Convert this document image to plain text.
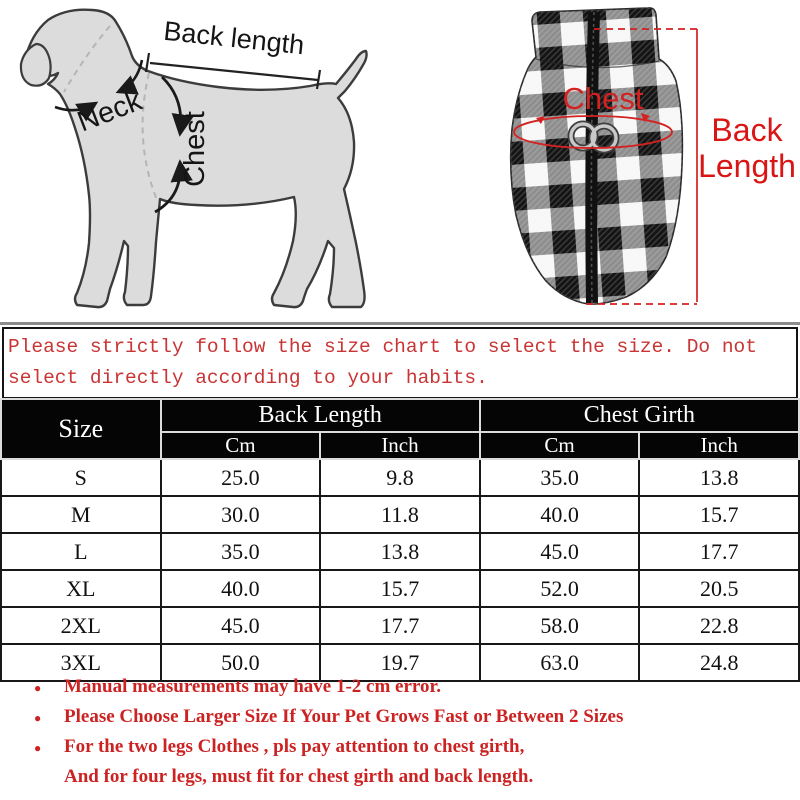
Back length
Neck Chest
Chest
Back
Length
Please strictly follow the size chart to select the size. Do not
select directly according to your habits.
Size	Back Length		Chest Girth	
	Cm	Inch	Cm	Inch
S	25.0	9.8	35.0	13.8
M	30.0	11.8	40.0	15.7
L	35.0	13.8	45.0	17.7
XL	40.0	15.7	52.0	20.5
2XL	45.0	17.7	58.0	22.8
3XL	50.0	19.7	63.0	24.8
●	Manual measurements may have 1-2 cm error.
●	Please Choose Larger Size If Your Pet Grows Fast or Between 2 Sizes
●	For the two legs Clothes , pls pay attention to chest girth,
And for four legs, must fit for chest girth and back length.
